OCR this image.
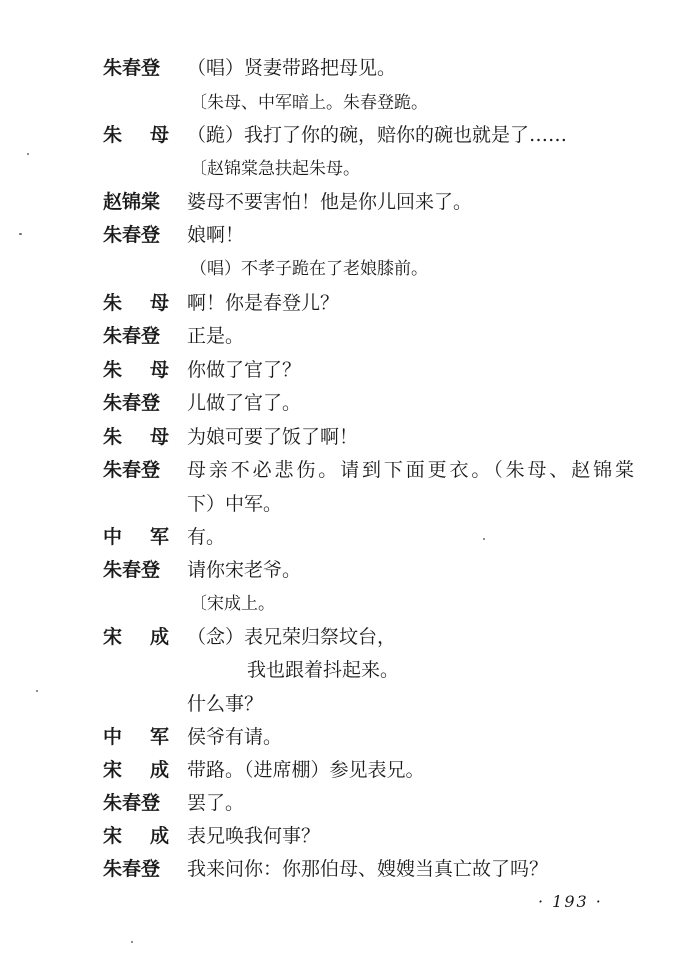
朱春登	（唱）贤妻带路把母见。
〔朱母、中军暗上。朱春登跪。
朱 母 （跪）我打了你的碗，赔你的碗也就是了……
〔赵锦棠急扶起朱母。
赵锦棠	婆母不要害怕！他是你儿回来了。
朱春登	娘啊！
（唱）不孝子跪在了老娘膝前。
朱 母 啊！你是春登儿？
朱春登	正是。
朱 母 你做了官了？
朱春登	儿做了官了。
朱 母 为娘可要了饭了啊！
朱春登	母亲不必悲伤。请到下面更衣。（朱母、赵锦棠
下）中军。
中 军 有。
朱春登	请你宋老爷。
〔宋成上。
宋 成 （念）表兄荣归祭坟台，
我也跟着抖起来。
什么事？
中 军 侯爷有请。
宋 成 带路。（进席棚）参见表兄。
朱春登	罢了。
宋 成 表兄唤我何事？
朱春登	我来问你：你那伯母、嫂嫂当真亡故了吗？
· 193 ·
